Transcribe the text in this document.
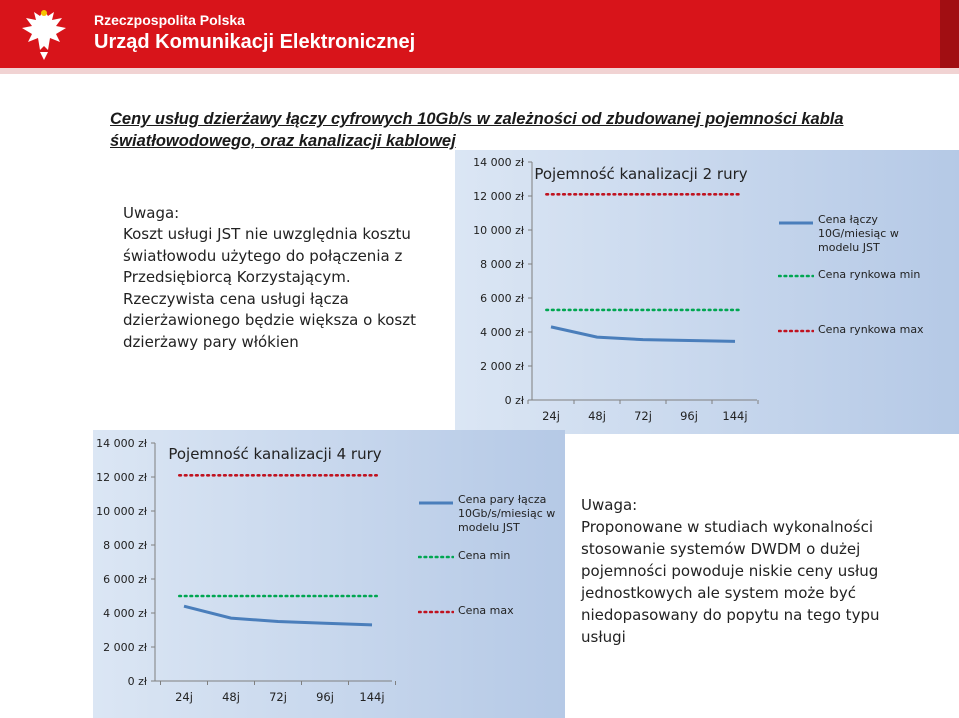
Rzeczpospolita Polska
Urząd Komunikacji Elektronicznej
Ceny usług dzierżawy łączy cyfrowych 10Gb/s w zależności od zbudowanej pojemności kabla światłowodowego, oraz kanalizacji kablowej
Uwaga:
Koszt usługi JST nie uwzględnia kosztu
światłowodu użytego do połączenia z
Przedsiębiorcą Korzystającym.
Rzeczywista cena usługi łącza
dzierżawionego będzie większa o koszt
dzierżawy pary włókien
0 zł
2 000 zł
4 000 zł
6 000 zł
8 000 zł
10 000 zł
12 000 zł
14 000 zł
24j 48j 72j 96j 144j
Pojemność kanalizacji 2 rury
0 zł
2 000 zł
4 000 zł
6 000 zł
8 000 zł
10 000 zł
12 000 zł
14 000 zł
24j	48j	72j	96j 144j
Pojemność kanalizacji 4 rury
Uwaga:
Proponowane w studiach wykonalności
stosowanie systemów DWDM o dużej
pojemności powoduje niskie ceny usług
jednostkowych ale system może być
niedopasowany do popytu na tego typu
usługi
Cena łączy 10G/miesiąc w modelu JST
Cena rynkowa min
Cena rynkowa max
Cena pary łącza 10Gb/s/miesiąc w modelu JST
Cena min
Cena max
